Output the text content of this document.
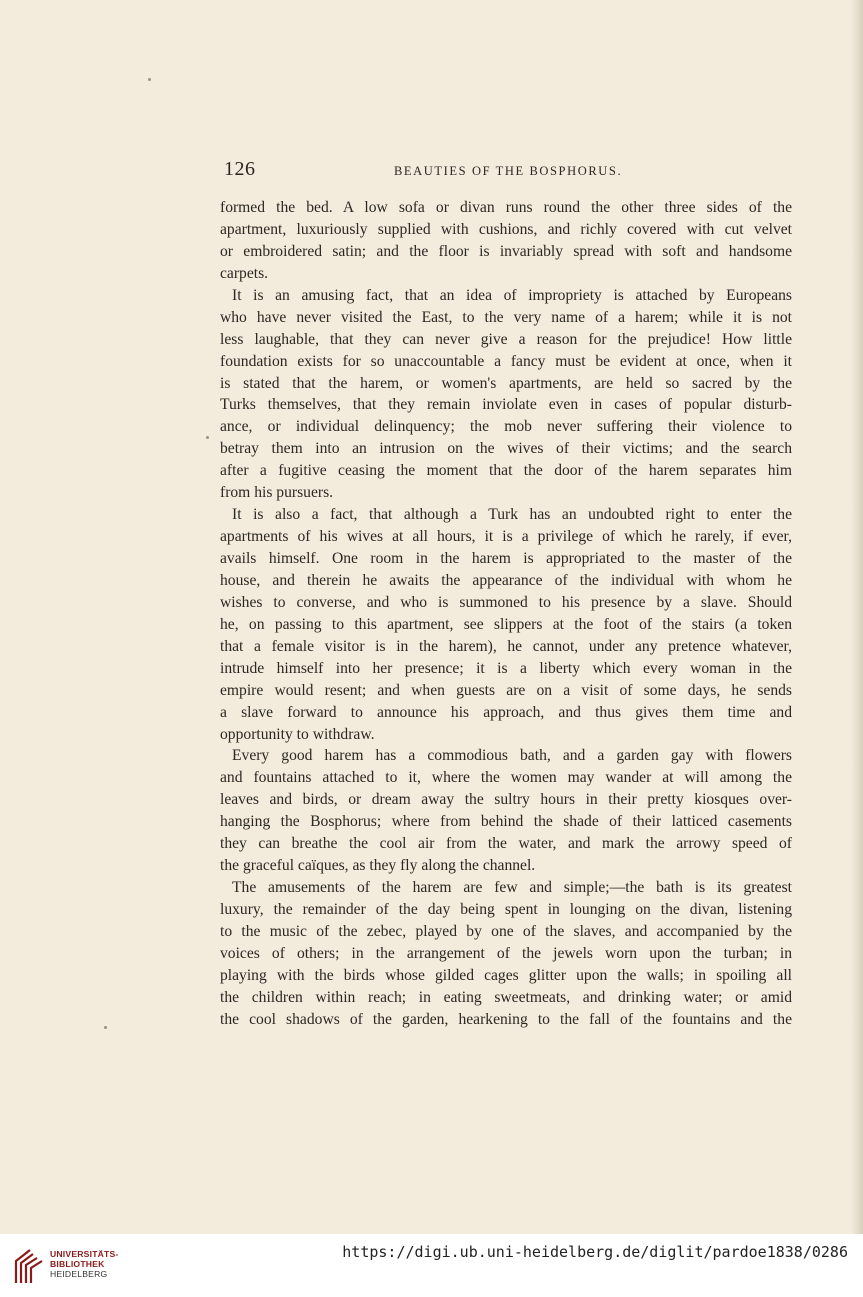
126	BEAUTIES OF THE BOSPHORUS.
formed the bed. A low sofa or divan runs round the other three sides of the
apartment, luxuriously supplied with cushions, and richly covered with cut velvet
or embroidered satin; and the floor is invariably spread with soft and handsome
carpets.
It is an amusing fact, that an idea of impropriety is attached by Europeans
who have never visited the East, to the very name of a harem; while it is not
less laughable, that they can never give a reason for the prejudice! How little
foundation exists for so unaccountable a fancy must be evident at once, when it
is stated that the harem, or women's apartments, are held so sacred by the
Turks themselves, that they remain inviolate even in cases of popular disturb-
ance, or individual delinquency; the mob never suffering their violence to
betray them into an intrusion on the wives of their victims; and the search
after a fugitive ceasing the moment that the door of the harem separates him
from his pursuers.
It is also a fact, that although a Turk has an undoubted right to enter the
apartments of his wives at all hours, it is a privilege of which he rarely, if ever,
avails himself. One room in the harem is appropriated to the master of the
house, and therein he awaits the appearance of the individual with whom he
wishes to converse, and who is summoned to his presence by a slave. Should
he, on passing to this apartment, see slippers at the foot of the stairs (a token
that a female visitor is in the harem), he cannot, under any pretence whatever,
intrude himself into her presence; it is a liberty which every woman in the
empire would resent; and when guests are on a visit of some days, he sends
a slave forward to announce his approach, and thus gives them time and
opportunity to withdraw.
Every good harem has a commodious bath, and a garden gay with flowers
and fountains attached to it, where the women may wander at will among the
leaves and birds, or dream away the sultry hours in their pretty kiosques over-
hanging the Bosphorus; where from behind the shade of their latticed casements
they can breathe the cool air from the water, and mark the arrowy speed of
the graceful caïques, as they fly along the channel.
The amusements of the harem are few and simple;—the bath is its greatest
luxury, the remainder of the day being spent in lounging on the divan, listening
to the music of the zebec, played by one of the slaves, and accompanied by the
voices of others; in the arrangement of the jewels worn upon the turban; in
playing with the birds whose gilded cages glitter upon the walls; in spoiling all
the children within reach; in eating sweetmeats, and drinking water; or amid
the cool shadows of the garden, hearkening to the fall of the fountains and the
UNIVERSITÄTS-
BIBLIOTHEK
HEIDELBERG
https://digi.ub.uni-heidelberg.de/diglit/pardoe1838/0286
